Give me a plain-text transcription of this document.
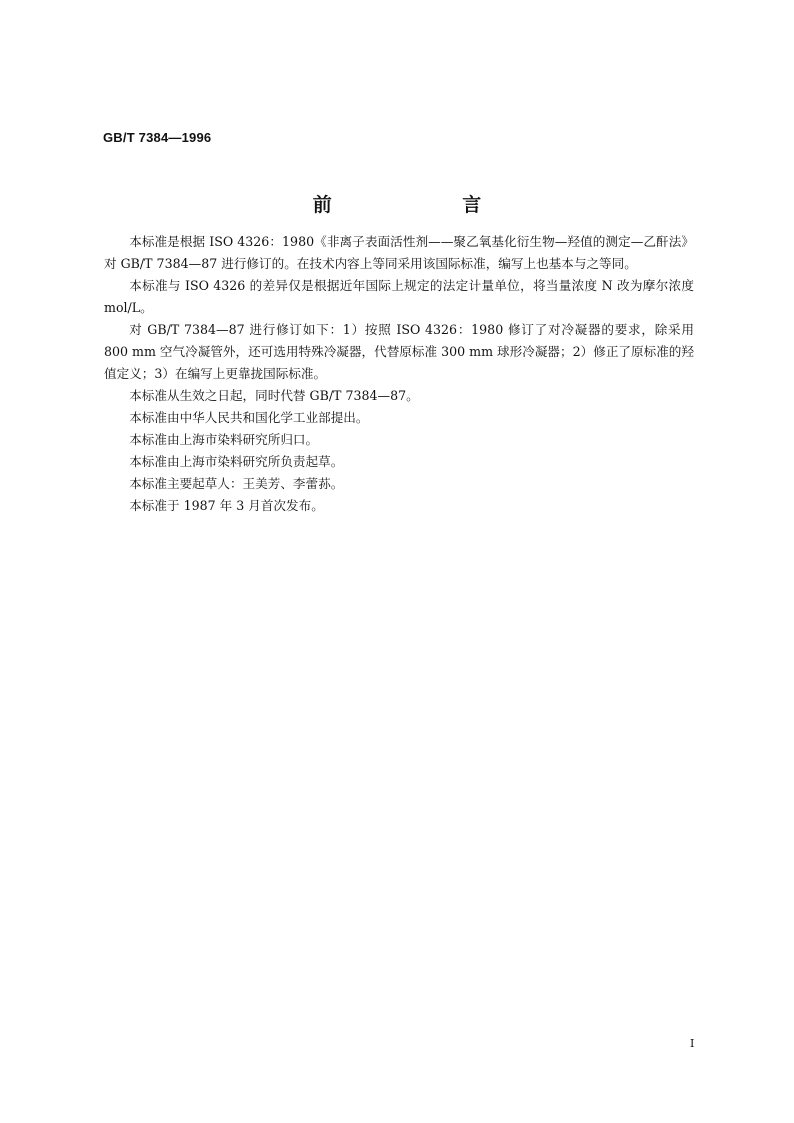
GB/T 7384—1996
前 言

本标准是根据 ISO 4326：1980《非离子表面活性剂——聚乙氧基化衍生物—羟值的测定—乙酐法》对 GB/T 7384—87 进行修订的。在技术内容上等同采用该国际标准，编写上也基本与之等同。

本标准与 ISO 4326 的差异仅是根据近年国际上规定的法定计量单位，将当量浓度 N 改为摩尔浓度 mol/L。

对 GB/T 7384—87 进行修订如下：1）按照 ISO 4326：1980 修订了对冷凝器的要求，除采用 800 mm 空气冷凝管外，还可选用特殊冷凝器，代替原标准 300 mm 球形冷凝器；2）修正了原标准的羟值定义；3）在编写上更靠拢国际标准。

本标准从生效之日起，同时代替 GB/T 7384—87。

本标准由中华人民共和国化学工业部提出。

本标准由上海市染料研究所归口。

本标准由上海市染料研究所负责起草。

本标准主要起草人：王美芳、李蕾荪。

本标准于 1987 年 3 月首次发布。

I
